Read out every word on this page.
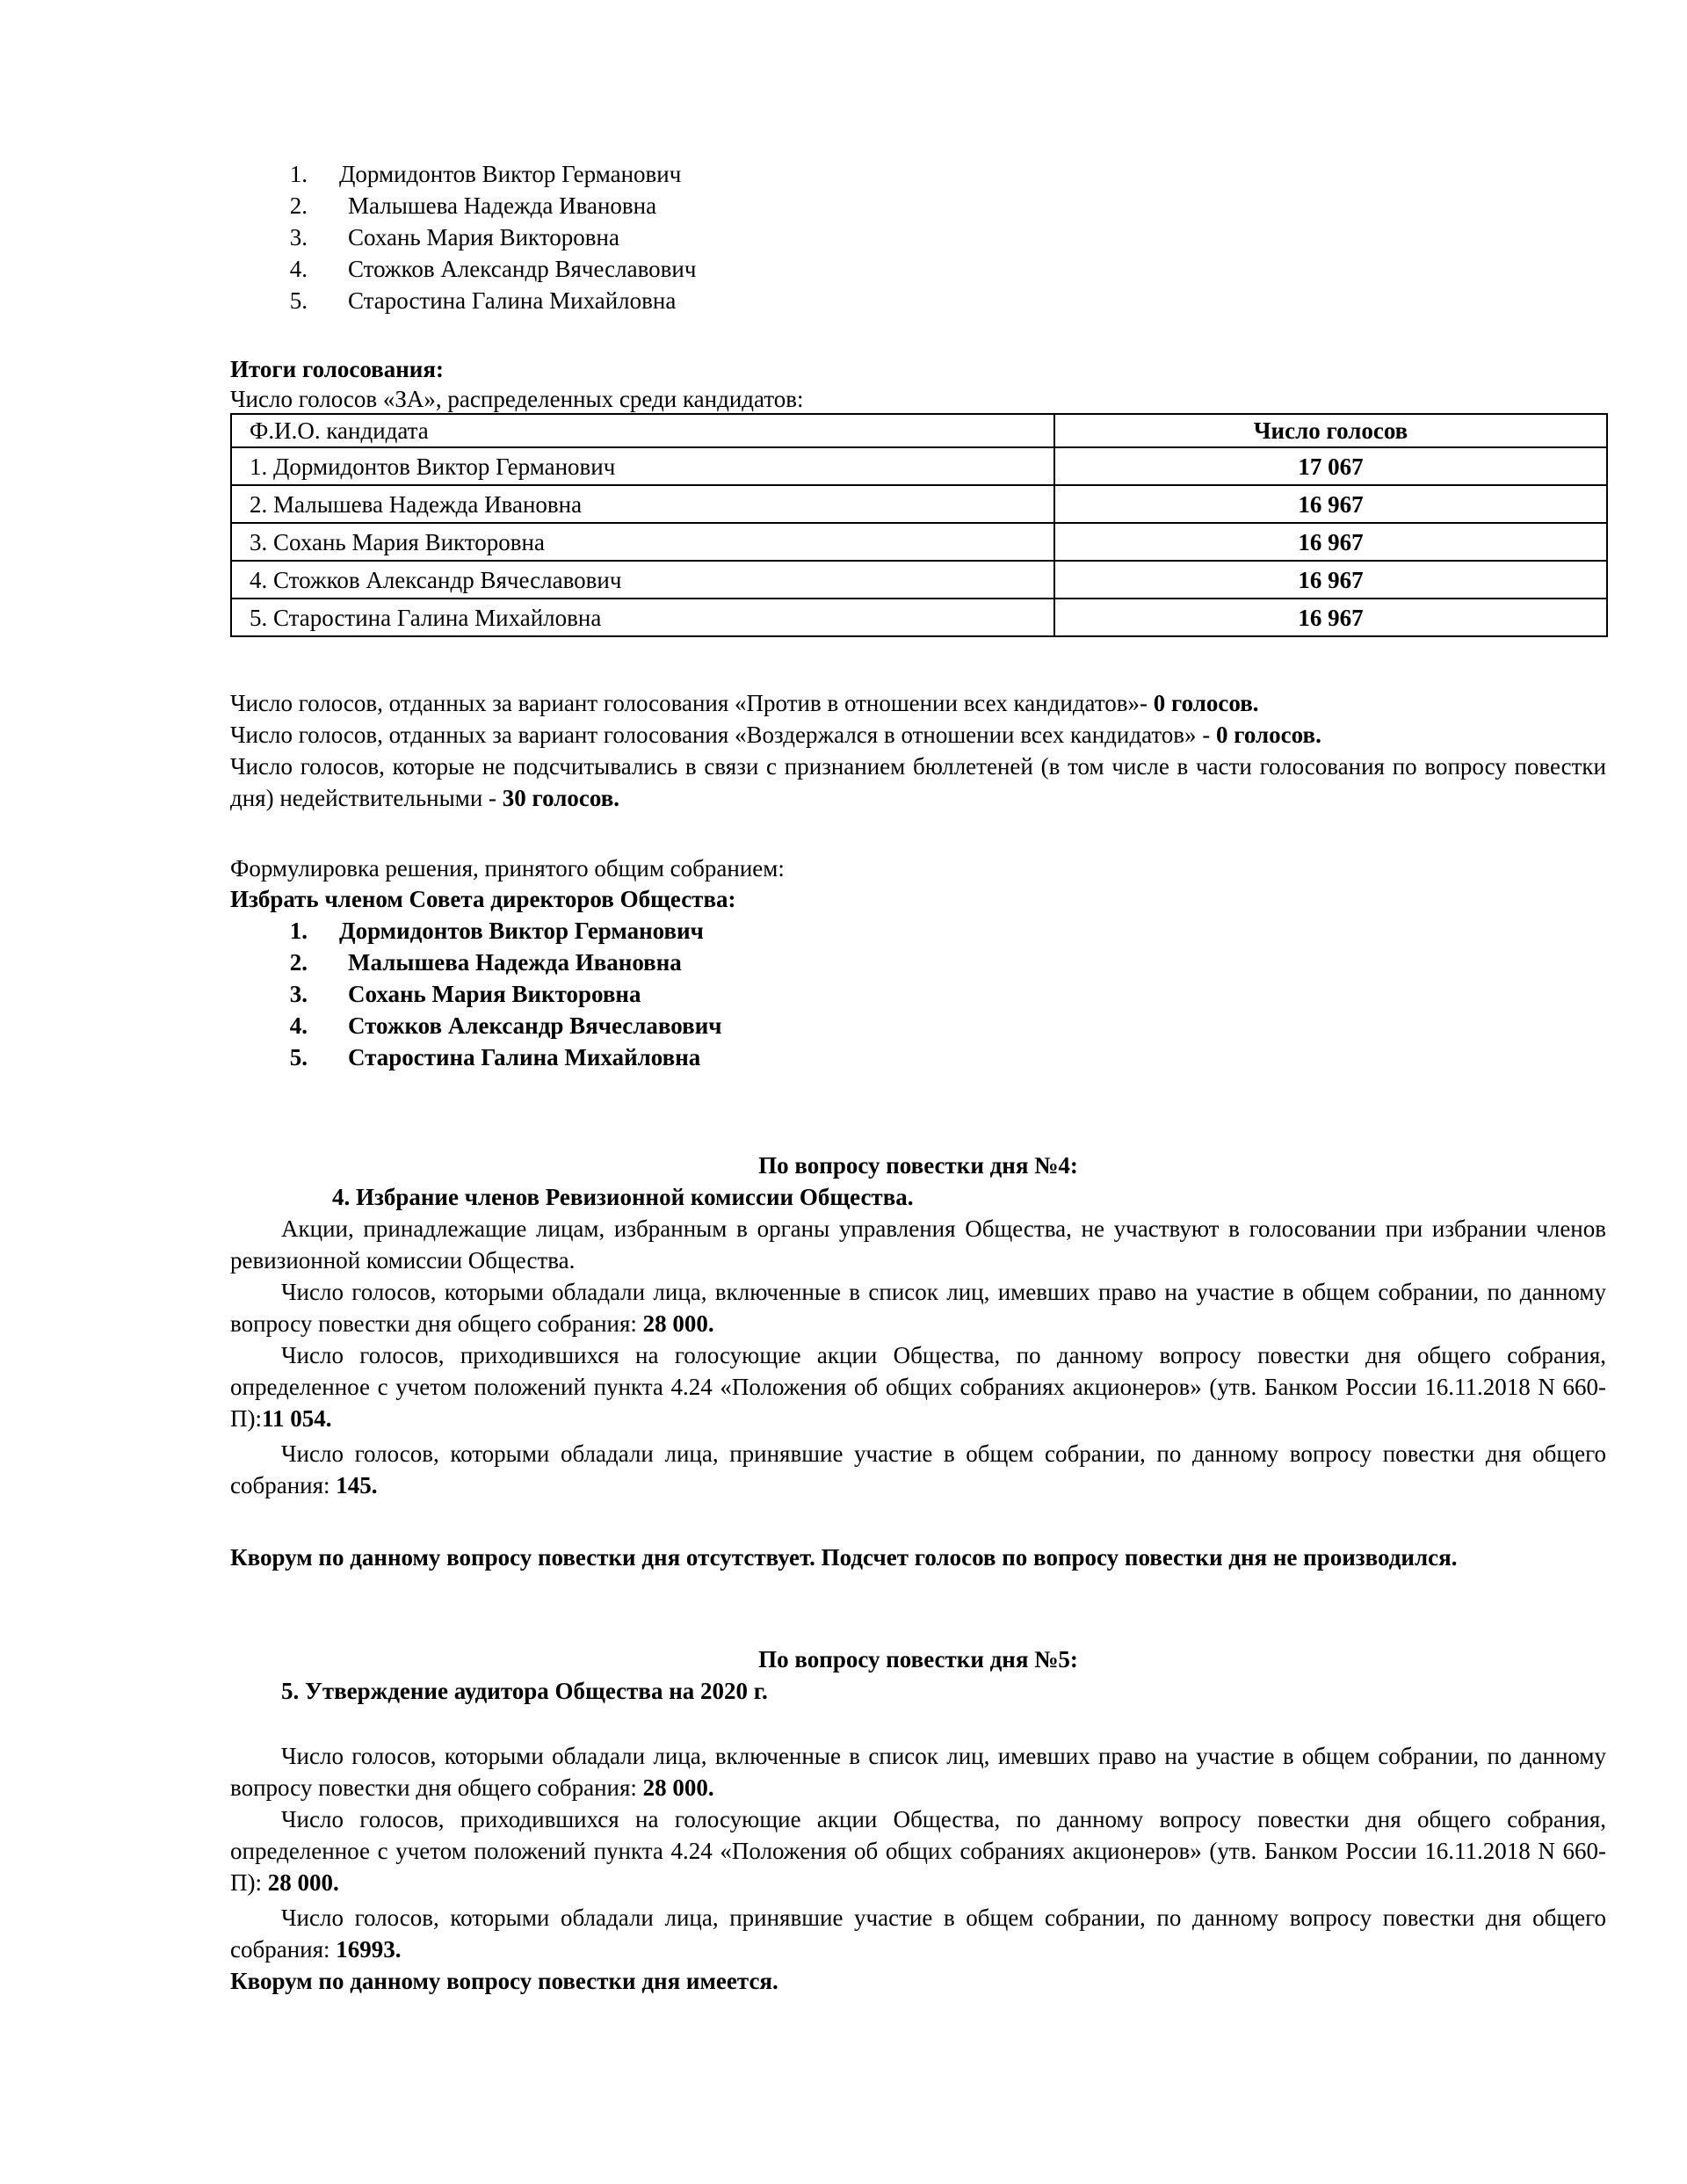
1. Дормидонтов Виктор Германович
2. Малышева Надежда Ивановна
3. Сохань Мария Викторовна
4. Стожков Александр Вячеславович
5. Старостина Галина Михайловна
Итоги голосования:
Число голосов «ЗА», распределенных среди кандидатов:
Ф.И.О. кандидата	Число голосов
1. Дормидонтов Виктор Германович	17 067
2. Малышева Надежда Ивановна	16 967
3. Сохань Мария Викторовна	16 967
4. Стожков Александр Вячеславович	16 967
5. Старостина Галина Михайловна	16 967
Число голосов, отданных за вариант голосования «Против в отношении всех кандидатов»- 0 голосов.
Число голосов, отданных за вариант голосования «Воздержался в отношении всех кандидатов» - 0 голосов.
Число голосов, которые не подсчитывались в связи с признанием бюллетеней (в том числе в части голосования по вопросу повестки дня) недействительными - 30 голосов.
Формулировка решения, принятого общим собранием:
Избрать членом Совета директоров Общества:
1. Дормидонтов Виктор Германович
2. Малышева Надежда Ивановна
3. Сохань Мария Викторовна
4. Стожков Александр Вячеславович
5. Старостина Галина Михайловна
По вопросу повестки дня №4:
4. Избрание членов Ревизионной комиссии Общества.
Акции, принадлежащие лицам, избранным в органы управления Общества, не участвуют в голосовании при избрании членов ревизионной комиссии Общества.
Число голосов, которыми обладали лица, включенные в список лиц, имевших право на участие в общем собрании, по данному вопросу повестки дня общего собрания: 28 000.
Число голосов, приходившихся на голосующие акции Общества, по данному вопросу повестки дня общего собрания, определенное с учетом положений пункта 4.24 «Положения об общих собраниях акционеров» (утв. Банком России 16.11.2018 N 660-П):11 054.
Число голосов, которыми обладали лица, принявшие участие в общем собрании, по данному вопросу повестки дня общего собрания: 145.
Кворум по данному вопросу повестки дня отсутствует. Подсчет голосов по вопросу повестки дня не производился.
По вопросу повестки дня №5:
5. Утверждение аудитора Общества на 2020 г.
Число голосов, которыми обладали лица, включенные в список лиц, имевших право на участие в общем собрании, по данному вопросу повестки дня общего собрания: 28 000.
Число голосов, приходившихся на голосующие акции Общества, по данному вопросу повестки дня общего собрания, определенное с учетом положений пункта 4.24 «Положения об общих собраниях акционеров» (утв. Банком России 16.11.2018 N 660-П): 28 000.
Число голосов, которыми обладали лица, принявшие участие в общем собрании, по данному вопросу повестки дня общего собрания: 16993.
Кворум по данному вопросу повестки дня имеется.
